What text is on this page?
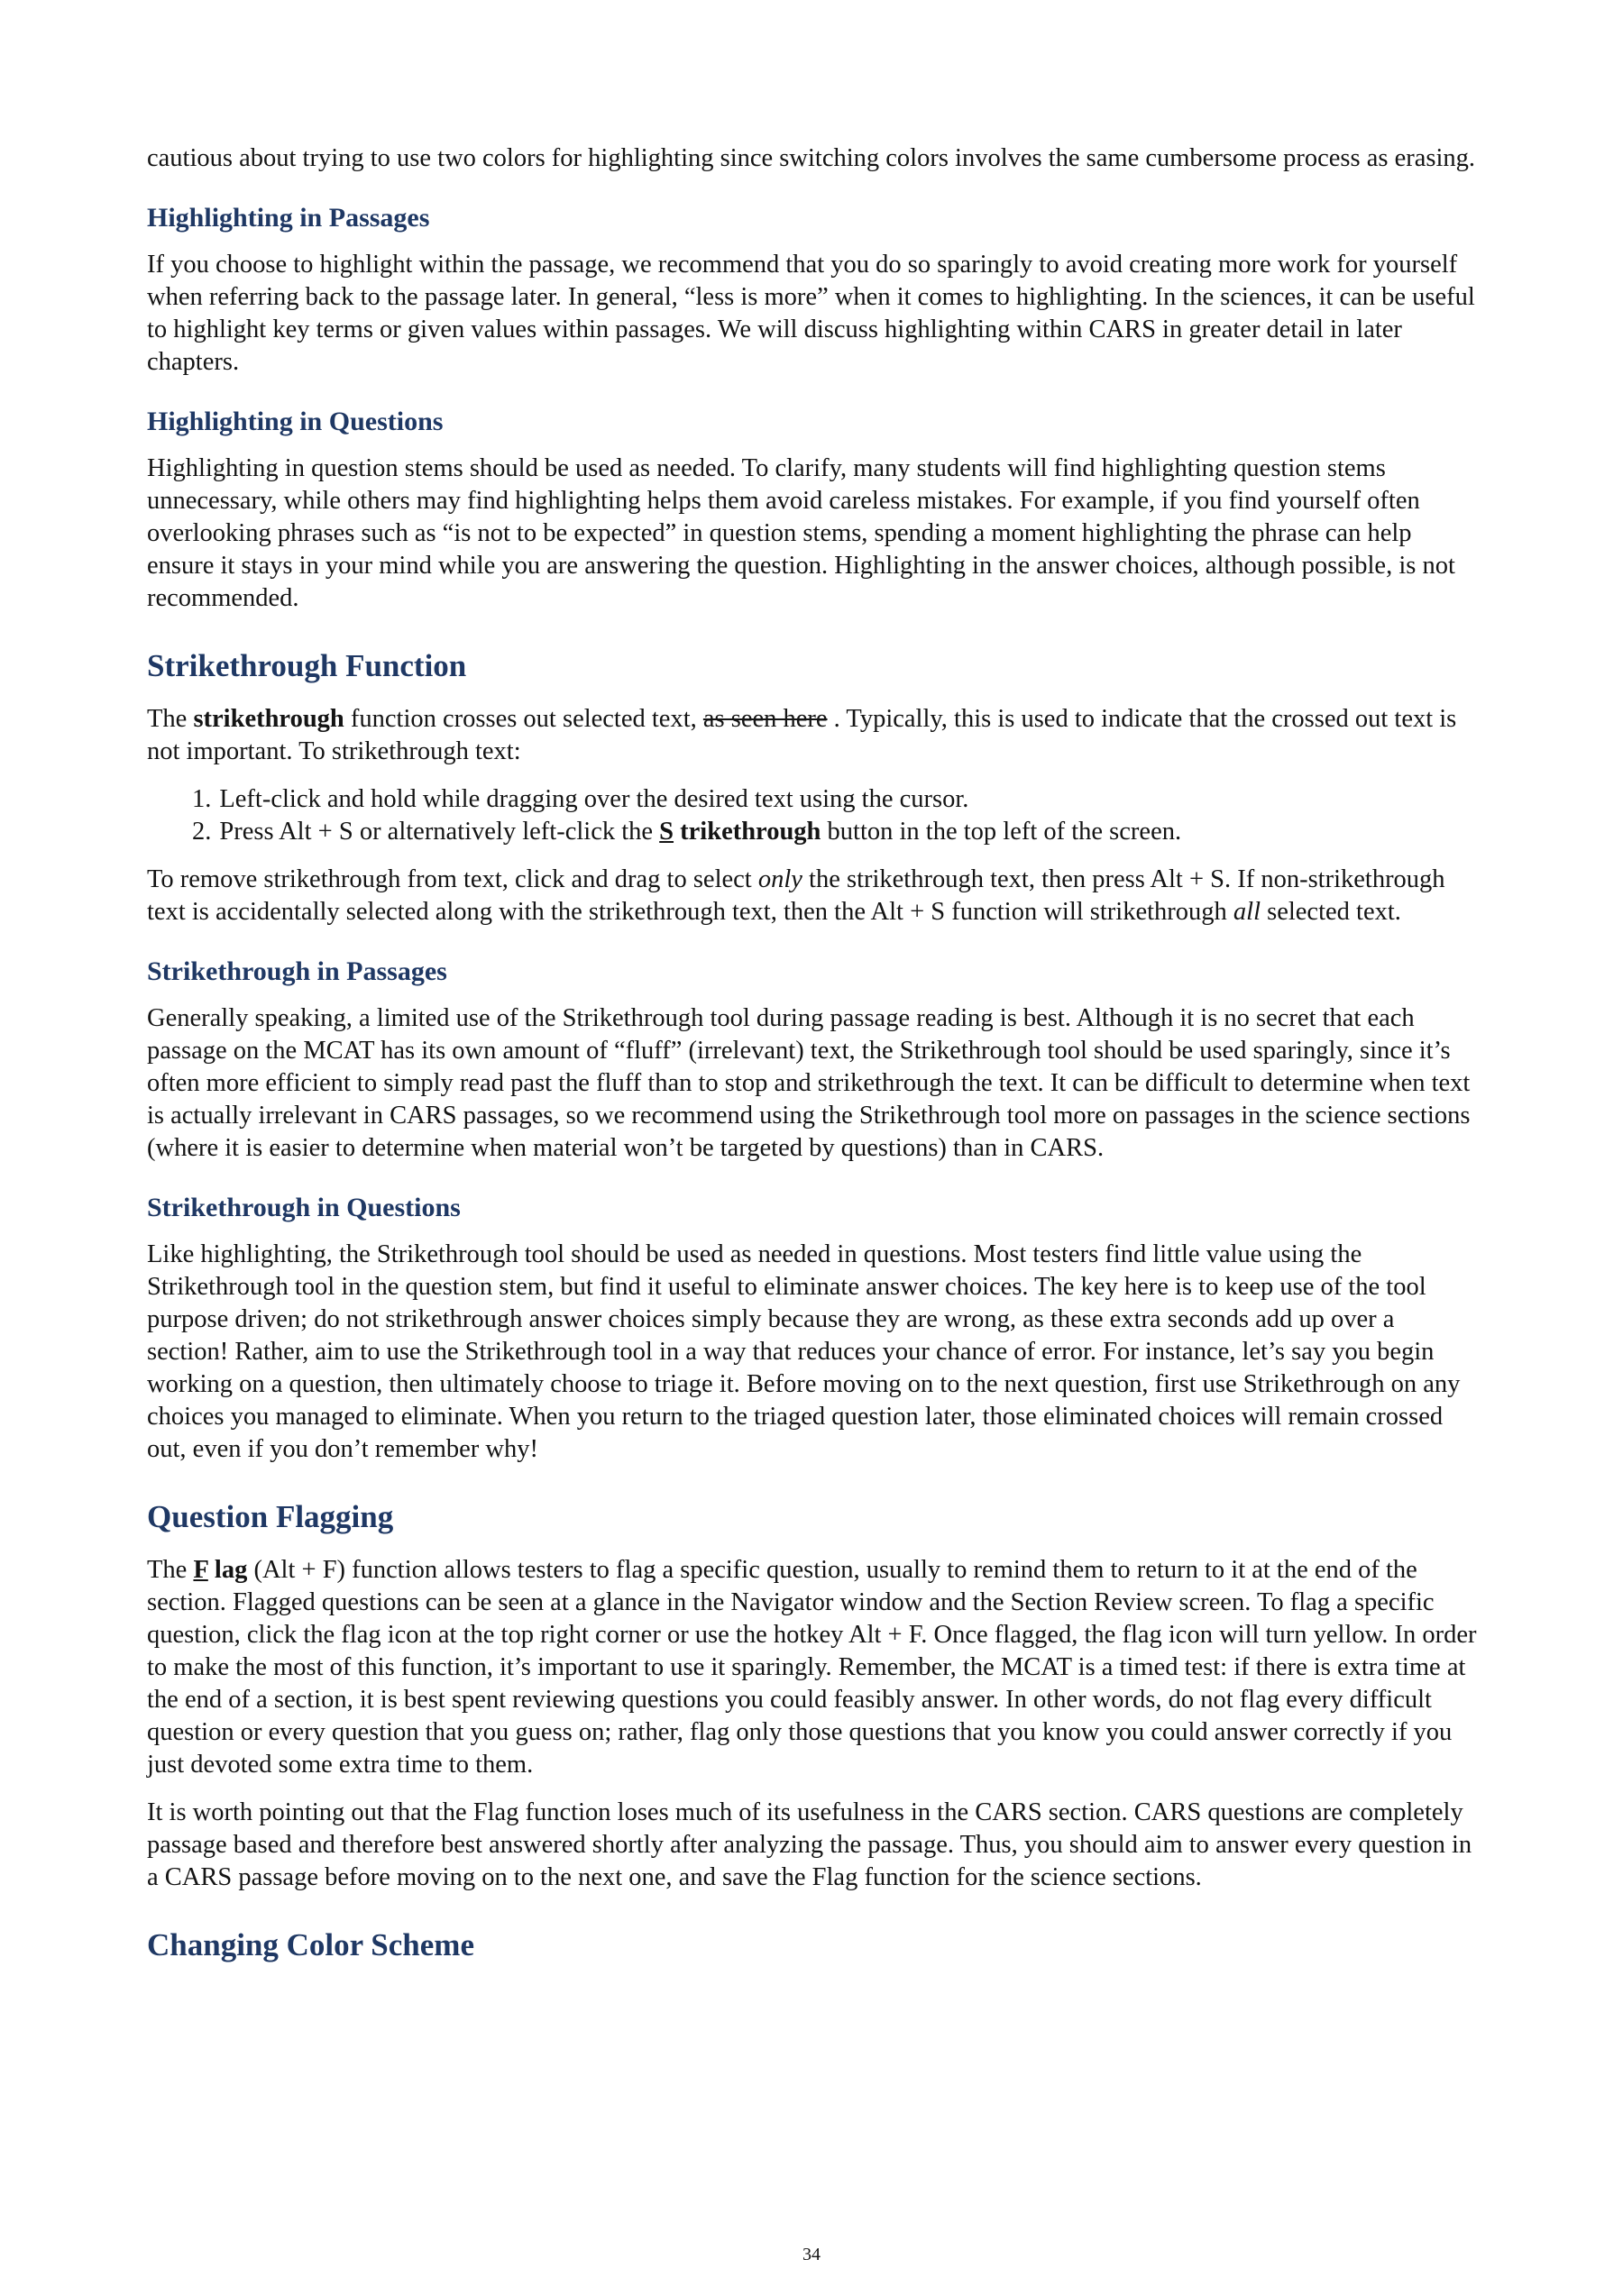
cautious about trying to use two colors for highlighting since switching colors involves the same cumbersome process as erasing.

Highlighting in Passages

If you choose to highlight within the passage, we recommend that you do so sparingly to avoid creating more work for yourself when referring back to the passage later. In general, “less is more” when it comes to highlighting. In the sciences, it can be useful to highlight key terms or given values within passages. We will discuss highlighting within CARS in greater detail in later chapters.

Highlighting in Questions

Highlighting in question stems should be used as needed. To clarify, many students will find highlighting question stems unnecessary, while others may find highlighting helps them avoid careless mistakes. For example, if you find yourself often overlooking phrases such as “is not to be expected” in question stems, spending a moment highlighting the phrase can help ensure it stays in your mind while you are answering the question. Highlighting in the answer choices, although possible, is not recommended.

Strikethrough Function

The strikethrough function crosses out selected text, as seen here . Typically, this is used to indicate that the crossed out text is not important. To strikethrough text:

1. Left-click and hold while dragging over the desired text using the cursor.
2. Press Alt + S or alternatively left-click the S trikethrough button in the top left of the screen.

To remove strikethrough from text, click and drag to select only the strikethrough text, then press Alt + S. If non-strikethrough text is accidentally selected along with the strikethrough text, then the Alt + S function will strikethrough all selected text.

Strikethrough in Passages

Generally speaking, a limited use of the Strikethrough tool during passage reading is best. Although it is no secret that each passage on the MCAT has its own amount of “fluff” (irrelevant) text, the Strikethrough tool should be used sparingly, since it’s often more efficient to simply read past the fluff than to stop and strikethrough the text. It can be difficult to determine when text is actually irrelevant in CARS passages, so we recommend using the Strikethrough tool more on passages in the science sections (where it is easier to determine when material won’t be targeted by questions) than in CARS.

Strikethrough in Questions

Like highlighting, the Strikethrough tool should be used as needed in questions. Most testers find little value using the Strikethrough tool in the question stem, but find it useful to eliminate answer choices. The key here is to keep use of the tool purpose driven; do not strikethrough answer choices simply because they are wrong, as these extra seconds add up over a section! Rather, aim to use the Strikethrough tool in a way that reduces your chance of error. For instance, let’s say you begin working on a question, then ultimately choose to triage it. Before moving on to the next question, first use Strikethrough on any choices you managed to eliminate. When you return to the triaged question later, those eliminated choices will remain crossed out, even if you don’t remember why!

Question Flagging

The F lag (Alt + F) function allows testers to flag a specific question, usually to remind them to return to it at the end of the section. Flagged questions can be seen at a glance in the Navigator window and the Section Review screen. To flag a specific question, click the flag icon at the top right corner or use the hotkey Alt + F. Once flagged, the flag icon will turn yellow. In order to make the most of this function, it’s important to use it sparingly. Remember, the MCAT is a timed test: if there is extra time at the end of a section, it is best spent reviewing questions you could feasibly answer. In other words, do not flag every difficult question or every question that you guess on; rather, flag only those questions that you know you could answer correctly if you just devoted some extra time to them.

It is worth pointing out that the Flag function loses much of its usefulness in the CARS section. CARS questions are completely passage based and therefore best answered shortly after analyzing the passage. Thus, you should aim to answer every question in a CARS passage before moving on to the next one, and save the Flag function for the science sections.

Changing Color Scheme
34
